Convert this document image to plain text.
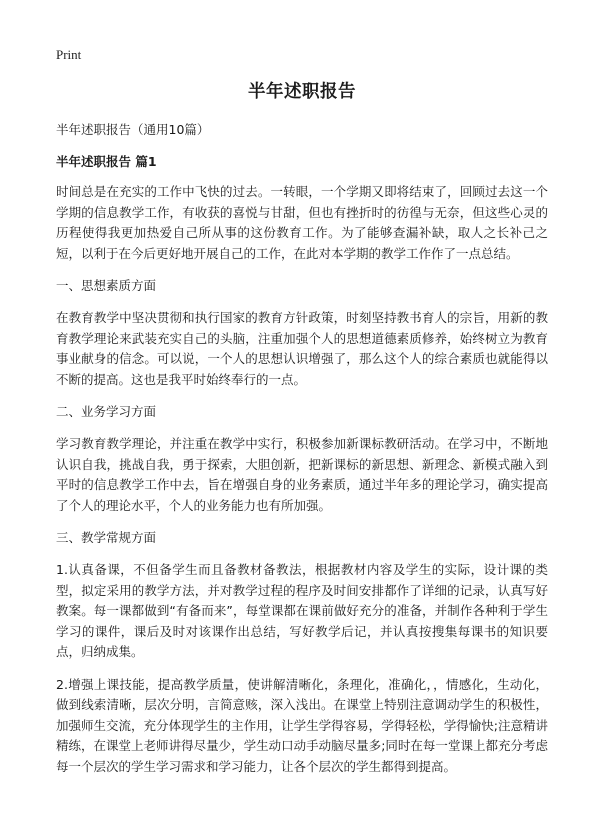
Print
半年述职报告

半年述职报告（通用10篇）

半年述职报告 篇1

时间总是在充实的工作中飞快的过去。一转眼，一个学期又即将结束了，回顾过去这一个学期的信息教学工作，有收获的喜悦与甘甜，但也有挫折时的彷徨与无奈，但这些心灵的历程使得我更加热爱自己所从事的这份教育工作。为了能够查漏补缺，取人之长补己之短，以利于在今后更好地开展自己的工作，在此对本学期的教学工作作了一点总结。

一、思想素质方面

在教育教学中坚决贯彻和执行国家的教育方针政策，时刻坚持教书育人的宗旨，用新的教育教学理论来武装充实自己的头脑，注重加强个人的思想道德素质修养，始终树立为教育事业献身的信念。可以说，一个人的思想认识增强了，那么这个人的综合素质也就能得以不断的提高。这也是我平时始终奉行的一点。

二、业务学习方面

学习教育教学理论，并注重在教学中实行，积极参加新课标教研活动。在学习中，不断地认识自我，挑战自我，勇于探索，大胆创新，把新课标的新思想、新理念、新模式融入到平时的信息教学工作中去，旨在增强自身的业务素质，通过半年多的理论学习，确实提高了个人的理论水平，个人的业务能力也有所加强。

三、教学常规方面

1.认真备课，不但备学生而且备教材备教法，根据教材内容及学生的实际，设计课的类型，拟定采用的教学方法，并对教学过程的程序及时间安排都作了详细的记录，认真写好教案。每一课都做到“有备而来”，每堂课都在课前做好充分的准备，并制作各种利于学生学习的课件，课后及时对该课作出总结，写好教学后记，并认真按搜集每课书的知识要点，归纳成集。

2.增强上课技能，提高教学质量，使讲解清晰化，条理化，准确化，，情感化，生动化，做到线索清晰，层次分明，言简意赅，深入浅出。在课堂上特别注意调动学生的积极性，加强师生交流，充分体现学生的主作用，让学生学得容易，学得轻松，学得愉快;注意精讲精练，在课堂上老师讲得尽量少，学生动口动手动脑尽量多;同时在每一堂课上都充分考虑每一个层次的学生学习需求和学习能力，让各个层次的学生都得到提高。
